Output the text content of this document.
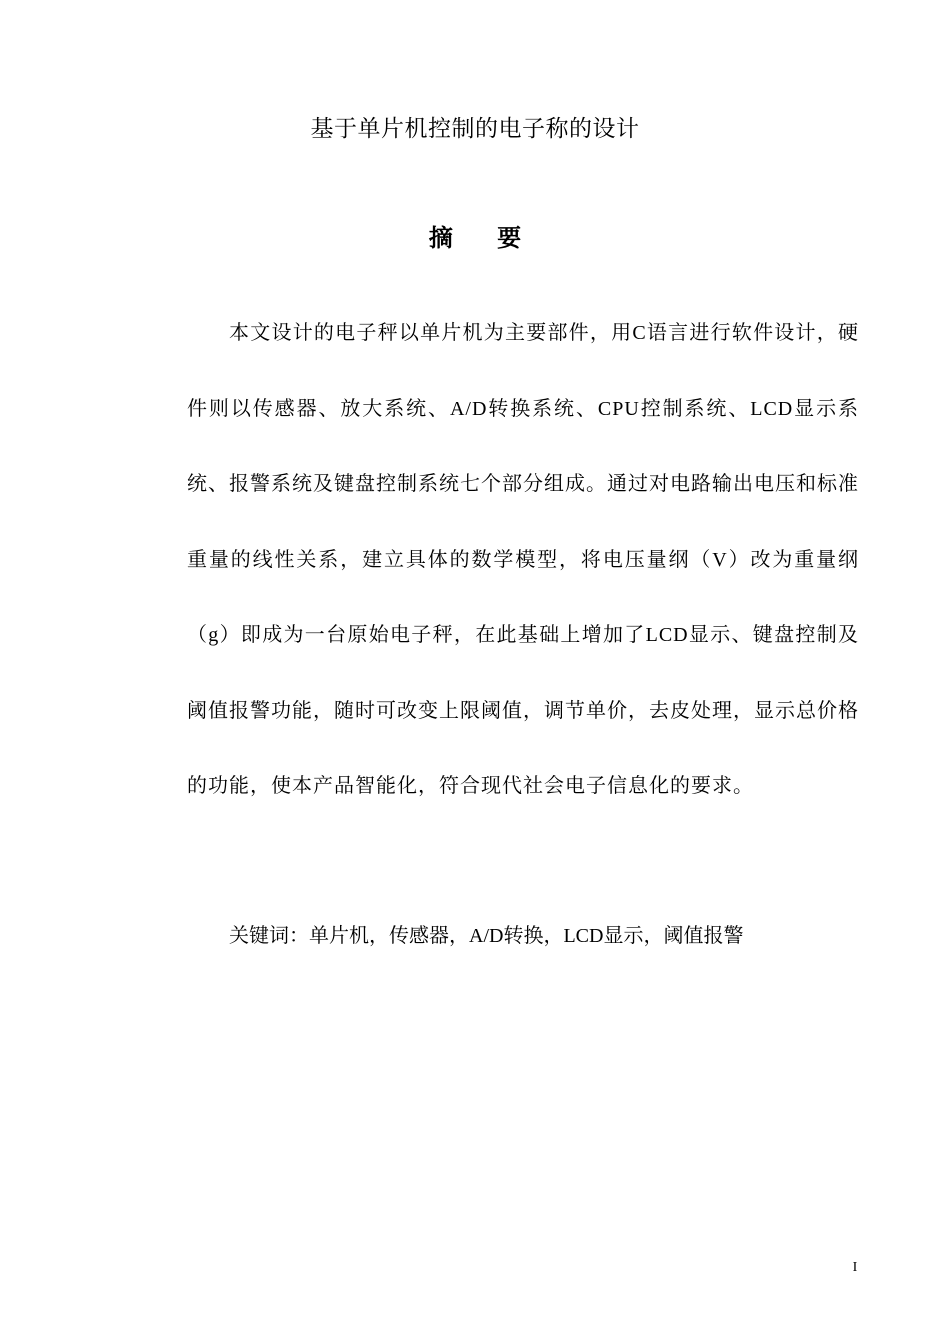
基于单片机控制的电子称的设计
摘 要

本文设计的电子秤以单片机为主要部件，用C语言进行软件设计，硬件则以传感器、放大系统、A/D转换系统、CPU控制系统、LCD显示系统、报警系统及键盘控制系统七个部分组成。通过对电路输出电压和标准重量的线性关系，建立具体的数学模型，将电压量纲（V）改为重量纲（g）即成为一台原始电子秤，在此基础上增加了LCD显示、键盘控制及阈值报警功能，随时可改变上限阈值，调节单价，去皮处理，显示总价格的功能，使本产品智能化，符合现代社会电子信息化的要求。

关键词：单片机，传感器，A/D转换，LCD显示，阈值报警

I
